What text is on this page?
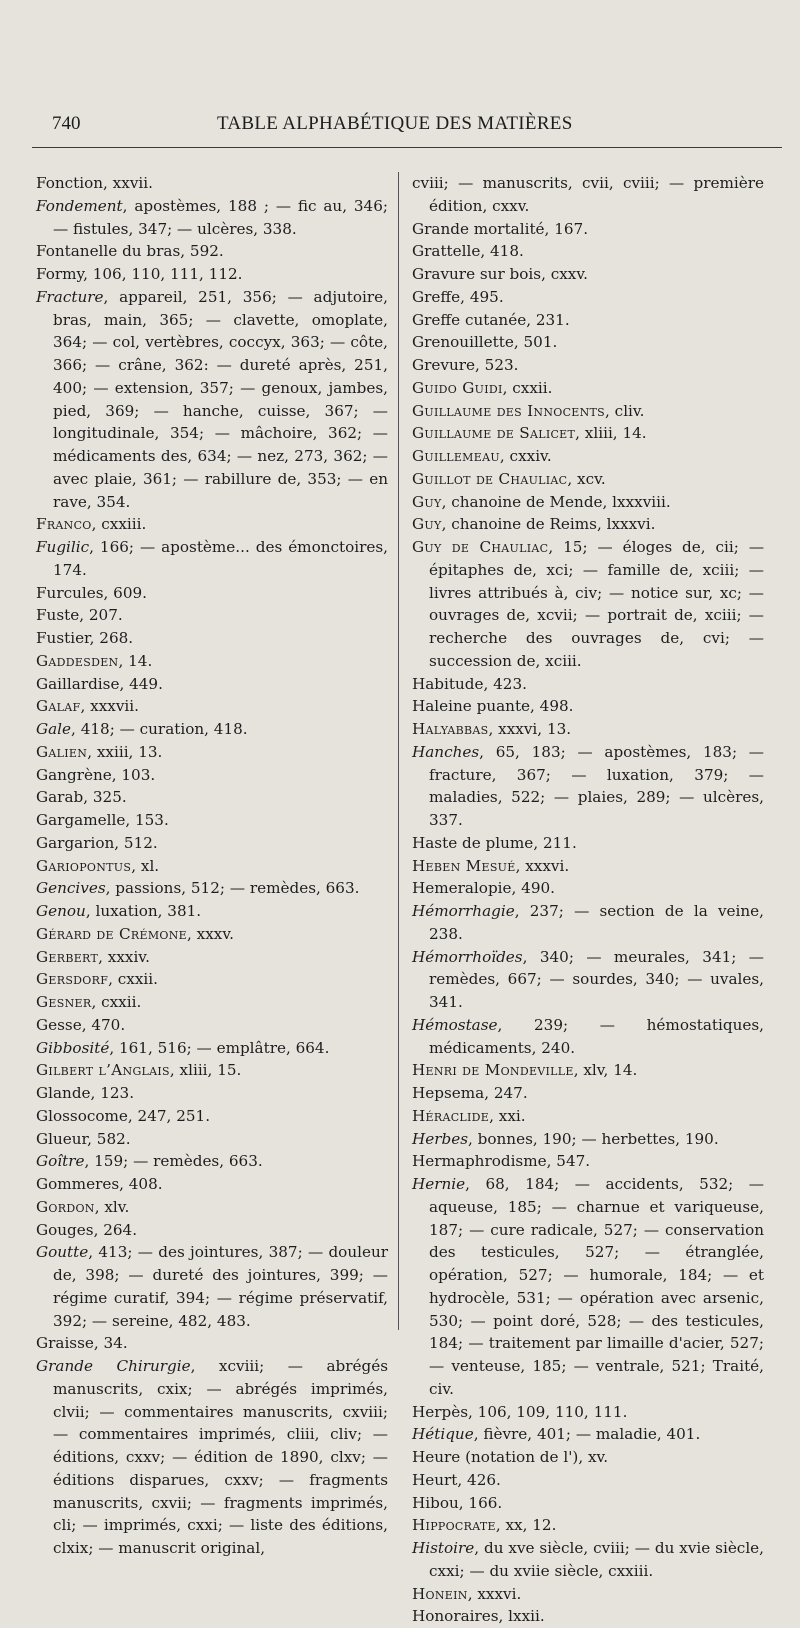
740	TABLE ALPHABÉTIQUE DES MATIÈRES
Fonction, xxvii.
Fondement, apostèmes, 188 ; — fic au, 346; — fistules, 347; — ulcères, 338.
Fontanelle du bras, 592.
Formy, 106, 110, 111, 112.
Fracture, appareil, 251, 356; — adjutoire, bras, main, 365; — clavette, omoplate, 364; — col, vertèbres, coccyx, 363; — côte, 366; — crâne, 362: — dureté après, 251, 400; — extension, 357; — genoux, jambes, pied, 369; — hanche, cuisse, 367; — longitudinale, 354; — mâchoire, 362; — médicaments des, 634; — nez, 273, 362; — avec plaie, 361; — rabillure de, 353; — en rave, 354.
Franco, cxxiii.
Fugilic, 166; — apostème... des émonctoires, 174.
Furcules, 609.
Fuste, 207.
Fustier, 268.
Gaddesden, 14.
Gaillardise, 449.
Galaf, xxxvii.
Gale, 418; — curation, 418.
Galien, xxiii, 13.
Gangrène, 103.
Garab, 325.
Gargamelle, 153.
Gargarion, 512.
Gariopontus, xl.
Gencives, passions, 512; — remèdes, 663.
Genou, luxation, 381.
Gérard de Crémone, xxxv.
Gerbert, xxxiv.
Gersdorf, cxxii.
Gesner, cxxii.
Gesse, 470.
Gibbosité, 161, 516; — emplâtre, 664.
Gilbert l’Anglais, xliii, 15.
Glande, 123.
Glossocome, 247, 251.
Glueur, 582.
Goître, 159; — remèdes, 663.
Gommeres, 408.
Gordon, xlv.
Gouges, 264.
Goutte, 413; — des jointures, 387; — douleur de, 398; — dureté des jointures, 399; — régime curatif, 394; — régime préservatif, 392; — sereine, 482, 483.
Graisse, 34.
Grande Chirurgie, xcviii; — abrégés manuscrits, cxix; — abrégés imprimés, clvii; — commentaires manuscrits, cxviii; — commentaires imprimés, cliii, cliv; — éditions, cxxv; — édition de 1890, clxv; — éditions disparues, cxxv; — fragments manuscrits, cxvii; — fragments imprimés, cli; — imprimés, cxxi; — liste des éditions, clxix; — manuscrit original,
cviii; — manuscrits, cvii, cviii; — première édition, cxxv.
Grande mortalité, 167.
Grattelle, 418.
Gravure sur bois, cxxv.
Greffe, 495.
Greffe cutanée, 231.
Grenouillette, 501.
Grevure, 523.
Guido Guidi, cxxii.
Guillaume des Innocents, cliv.
Guillaume de Salicet, xliii, 14.
Guillemeau, cxxiv.
Guillot de Chauliac, xcv.
Guy, chanoine de Mende, lxxxviii.
Guy, chanoine de Reims, lxxxvi.
Guy de Chauliac, 15; — éloges de, cii; — épitaphes de, xci; — famille de, xciii; — livres attribués à, civ; — notice sur, xc; — ouvrages de, xcvii; — portrait de, xciii; — recherche des ouvrages de, cvi; — succession de, xciii.
Habitude, 423.
Haleine puante, 498.
Halyabbas, xxxvi, 13.
Hanches, 65, 183; — apostèmes, 183; — fracture, 367; — luxation, 379; — maladies, 522; — plaies, 289; — ulcères, 337.
Haste de plume, 211.
Heben Mesué, xxxvi.
Hemeralopie, 490.
Hémorrhagie, 237; — section de la veine, 238.
Hémorrhoïdes, 340; — meurales, 341; — remèdes, 667; — sourdes, 340; — uvales, 341.
Hémostase, 239; — hémostatiques, médicaments, 240.
Henri de Mondeville, xlv, 14.
Hepsema, 247.
Héraclide, xxi.
Herbes, bonnes, 190; — herbettes, 190.
Hermaphrodisme, 547.
Hernie, 68, 184; — accidents, 532; — aqueuse, 185; — charnue et variqueuse, 187; — cure radicale, 527; — conservation des testicules, 527; — étranglée, opération, 527; — humorale, 184; — et hydrocèle, 531; — opération avec arsenic, 530; — point doré, 528; — des testicules, 184; — traitement par limaille d'acier, 527; — venteuse, 185; — ventrale, 521; Traité, civ.
Herpès, 106, 109, 110, 111.
Hétique, fièvre, 401; — maladie, 401.
Heure (notation de l'), xv.
Heurt, 426.
Hibou, 166.
Hippocrate, xx, 12.
Histoire, du xve siècle, cviii; — du xvie siècle, cxxi; — du xviie siècle, cxxiii.
Honein, xxxvi.
Honoraires, lxxii.
